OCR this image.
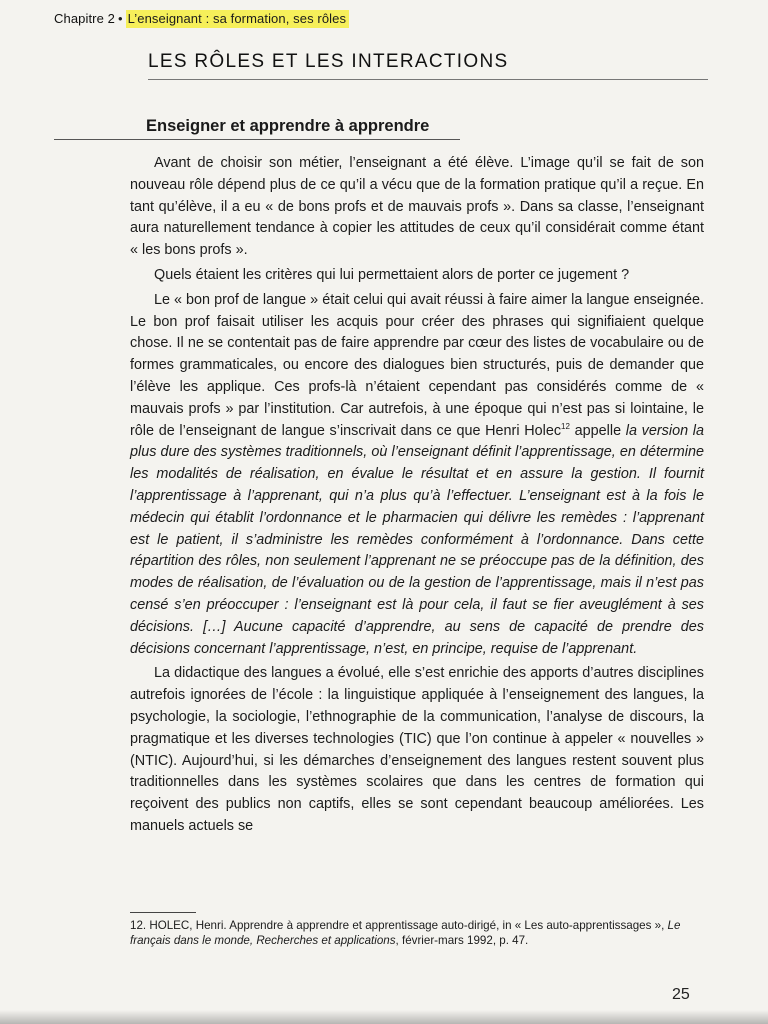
Chapitre 2 • L’enseignant : sa formation, ses rôles
LES RÔLES ET LES INTERACTIONS
Enseigner et apprendre à apprendre

Avant de choisir son métier, l’enseignant a été élève. L’image qu’il se fait de son nouveau rôle dépend plus de ce qu’il a vécu que de la formation pratique qu’il a reçue. En tant qu’élève, il a eu « de bons profs et de mauvais profs ». Dans sa classe, l’enseignant aura naturellement tendance à copier les attitudes de ceux qu’il considérait comme étant « les bons profs ».

Quels étaient les critères qui lui permettaient alors de porter ce jugement ?

Le « bon prof de langue » était celui qui avait réussi à faire aimer la langue enseignée. Le bon prof faisait utiliser les acquis pour créer des phrases qui signifiaient quelque chose. Il ne se contentait pas de faire apprendre par cœur des listes de vocabulaire ou de formes grammaticales, ou encore des dialogues bien structurés, puis de demander que l’élève les applique. Ces profs-là n’étaient cependant pas considérés comme de « mauvais profs » par l’institution. Car autrefois, à une époque qui n’est pas si lointaine, le rôle de l’enseignant de langue s’inscrivait dans ce que Henri Holec$^{12}$ appelle la version la plus dure des systèmes traditionnels, où l’enseignant définit l’apprentissage, en détermine les modalités de réalisation, en évalue le résultat et en assure la gestion. Il fournit l’apprentissage à l’apprenant, qui n’a plus qu’à l’effectuer. L’enseignant est à la fois le médecin qui établit l’ordonnance et le pharmacien qui délivre les remèdes : l’apprenant est le patient, il s’administre les remèdes conformément à l’ordonnance. Dans cette répartition des rôles, non seulement l’apprenant ne se préoccupe pas de la définition, des modes de réalisation, de l’évaluation ou de la gestion de l’apprentissage, mais il n’est pas censé s’en préoccuper : l’enseignant est là pour cela, il faut se fier aveuglément à ses décisions. […] Aucune capacité d’apprendre, au sens de capacité de prendre des décisions concernant l’apprentissage, n’est, en principe, requise de l’apprenant.

La didactique des langues a évolué, elle s’est enrichie des apports d’autres disciplines autrefois ignorées de l’école : la linguistique appliquée à l’enseignement des langues, la psychologie, la sociologie, l’ethnographie de la communication, l’analyse de discours, la pragmatique et les diverses technologies (TIC) que l’on continue à appeler « nouvelles » (NTIC). Aujourd’hui, si les démarches d’enseignement des langues restent souvent plus traditionnelles dans les systèmes scolaires que dans les centres de formation qui reçoivent des publics non captifs, elles se sont cependant beaucoup améliorées. Les manuels actuels se

12. HOLEC, Henri. Apprendre à apprendre et apprentissage auto-dirigé, in « Les auto-apprentissages », Le français dans le monde, Recherches et applications, février-mars 1992, p. 47.
25
